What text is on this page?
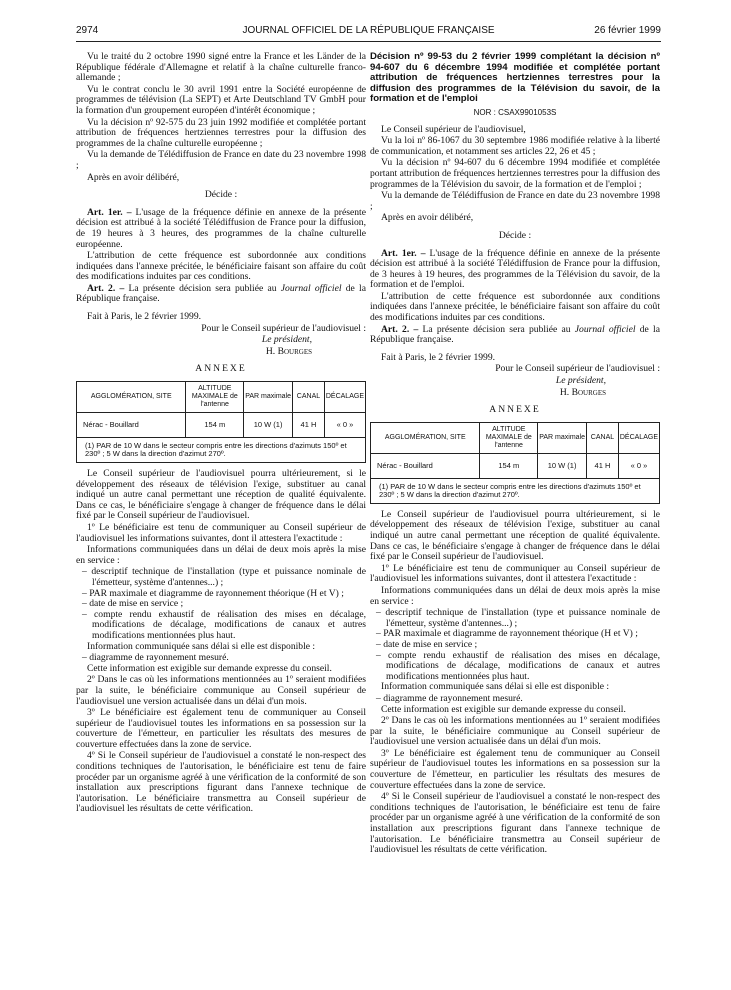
2974	JOURNAL OFFICIEL DE LA RÉPUBLIQUE FRANÇAISE	26 février 1999

Vu le traité du 2 octobre 1990 signé entre la France et les Länder de la République fédérale d'Allemagne et relatif à la chaîne culturelle franco-allemande ;

Vu le contrat conclu le 30 avril 1991 entre la Société européenne de programmes de télévision (La SEPT) et Arte Deutschland TV GmbH pour la formation d'un groupement européen d'intérêt économique ;

Vu la décision nº 92-575 du 23 juin 1992 modifiée et complétée portant attribution de fréquences hertziennes terrestres pour la diffusion des programmes de la chaîne culturelle européenne ;

Vu la demande de Télédiffusion de France en date du 23 novembre 1998 ;

Après en avoir délibéré,

Décide :

Art. 1er. – L'usage de la fréquence définie en annexe de la présente décision est attribué à la société Télédiffusion de France pour la diffusion, de 19 heures à 3 heures, des programmes de la chaîne culturelle européenne.

L'attribution de cette fréquence est subordonnée aux conditions indiquées dans l'annexe précitée, le bénéficiaire faisant son affaire du coût des modifications induites par ces conditions.

Art. 2. – La présente décision sera publiée au Journal officiel de la République française.

Fait à Paris, le 2 février 1999.

Pour le Conseil supérieur de l'audiovisuel :

Le président,

H. Bourges

ANNEXE
AGGLOMÉRATION, SITE	ALTITUDE MAXIMALE de l'antenne	PAR maximale	CANAL	DÉCALAGE
Nérac - Bouillard	154 m	10 W (1)	41 H	« 0 »
(1) PAR de 10 W dans le secteur compris entre les directions d'azimuts 150º et 230º ; 5 W dans la direction d'azimut 270º.				

Le Conseil supérieur de l'audiovisuel pourra ultérieurement, si le développement des réseaux de télévision l'exige, substituer au canal indiqué un autre canal permettant une réception de qualité équivalente. Dans ce cas, le bénéficiaire s'engage à changer de fréquence dans le délai fixé par le Conseil supérieur de l'audiovisuel.

1º Le bénéficiaire est tenu de communiquer au Conseil supérieur de l'audiovisuel les informations suivantes, dont il attestera l'exactitude :

Informations communiquées dans un délai de deux mois après la mise en service :

– descriptif technique de l'installation (type et puissance nominale de l'émetteur, système d'antennes...) ;
– PAR maximale et diagramme de rayonnement théorique (H et V) ;
– date de mise en service ;
– compte rendu exhaustif de réalisation des mises en décalage, modifications de décalage, modifications de canaux et autres modifications mentionnées plus haut.

Information communiquée sans délai si elle est disponible :

– diagramme de rayonnement mesuré.

Cette information est exigible sur demande expresse du conseil.

2º Dans le cas où les informations mentionnées au 1º seraient modifiées par la suite, le bénéficiaire communique au Conseil supérieur de l'audiovisuel une version actualisée dans un délai d'un mois.

3º Le bénéficiaire est également tenu de communiquer au Conseil supérieur de l'audiovisuel toutes les informations en sa possession sur la couverture de l'émetteur, en particulier les résultats des mesures de couverture effectuées dans la zone de service.

4º Si le Conseil supérieur de l'audiovisuel a constaté le non-respect des conditions techniques de l'autorisation, le bénéficiaire est tenu de faire procéder par un organisme agréé à une vérification de la conformité de son installation aux prescriptions figurant dans l'annexe technique de l'autorisation. Le bénéficiaire transmettra au Conseil supérieur de l'audiovisuel les résultats de cette vérification.

Décision nº 99-53 du 2 février 1999 complétant la décision nº 94-607 du 6 décembre 1994 modifiée et complétée portant attribution de fréquences hertziennes terrestres pour la diffusion des programmes de la Télévision du savoir, de la formation et de l'emploi

NOR : CSAX9901053S

Le Conseil supérieur de l'audiovisuel,

Vu la loi nº 86-1067 du 30 septembre 1986 modifiée relative à la liberté de communication, et notamment ses articles 22, 26 et 45 ;

Vu la décision nº 94-607 du 6 décembre 1994 modifiée et complétée portant attribution de fréquences hertziennes terrestres pour la diffusion des programmes de la Télévision du savoir, de la formation et de l'emploi ;

Vu la demande de Télédiffusion de France en date du 23 novembre 1998 ;

Après en avoir délibéré,

Décide :

Art. 1er. – L'usage de la fréquence définie en annexe de la présente décision est attribué à la société Télédiffusion de France pour la diffusion, de 3 heures à 19 heures, des programmes de la Télévision du savoir, de la formation et de l'emploi.

L'attribution de cette fréquence est subordonnée aux conditions indiquées dans l'annexe précitée, le bénéficiaire faisant son affaire du coût des modifications induites par ces conditions.

Art. 2. – La présente décision sera publiée au Journal officiel de la République française.

Fait à Paris, le 2 février 1999.

Pour le Conseil supérieur de l'audiovisuel :

Le président,

H. Bourges

ANNEXE
AGGLOMÉRATION, SITE	ALTITUDE MAXIMALE de l'antenne	PAR maximale	CANAL	DÉCALAGE
Nérac - Bouillard	154 m	10 W (1)	41 H	« 0 »
(1) PAR de 10 W dans le secteur compris entre les directions d'azimuts 150º et 230º ; 5 W dans la direction d'azimut 270º.				

Le Conseil supérieur de l'audiovisuel pourra ultérieurement, si le développement des réseaux de télévision l'exige, substituer au canal indiqué un autre canal permettant une réception de qualité équivalente. Dans ce cas, le bénéficiaire s'engage à changer de fréquence dans le délai fixé par le Conseil supérieur de l'audiovisuel.

1º Le bénéficiaire est tenu de communiquer au Conseil supérieur de l'audiovisuel les informations suivantes, dont il attestera l'exactitude :

Informations communiquées dans un délai de deux mois après la mise en service :

– descriptif technique de l'installation (type et puissance nominale de l'émetteur, système d'antennes...) ;
– PAR maximale et diagramme de rayonnement théorique (H et V) ;
– date de mise en service ;
– compte rendu exhaustif de réalisation des mises en décalage, modifications de décalage, modifications de canaux et autres modifications mentionnées plus haut.

Information communiquée sans délai si elle est disponible :

– diagramme de rayonnement mesuré.

Cette information est exigible sur demande expresse du conseil.

2º Dans le cas où les informations mentionnées au 1º seraient modifiées par la suite, le bénéficiaire communique au Conseil supérieur de l'audiovisuel une version actualisée dans un délai d'un mois.

3º Le bénéficiaire est également tenu de communiquer au Conseil supérieur de l'audiovisuel toutes les informations en sa possession sur la couverture de l'émetteur, en particulier les résultats des mesures de couverture effectuées dans la zone de service.

4º Si le Conseil supérieur de l'audiovisuel a constaté le non-respect des conditions techniques de l'autorisation, le bénéficiaire est tenu de faire procéder par un organisme agréé à une vérification de la conformité de son installation aux prescriptions figurant dans l'annexe technique de l'autorisation. Le bénéficiaire transmettra au Conseil supérieur de l'audiovisuel les résultats de cette vérification.
